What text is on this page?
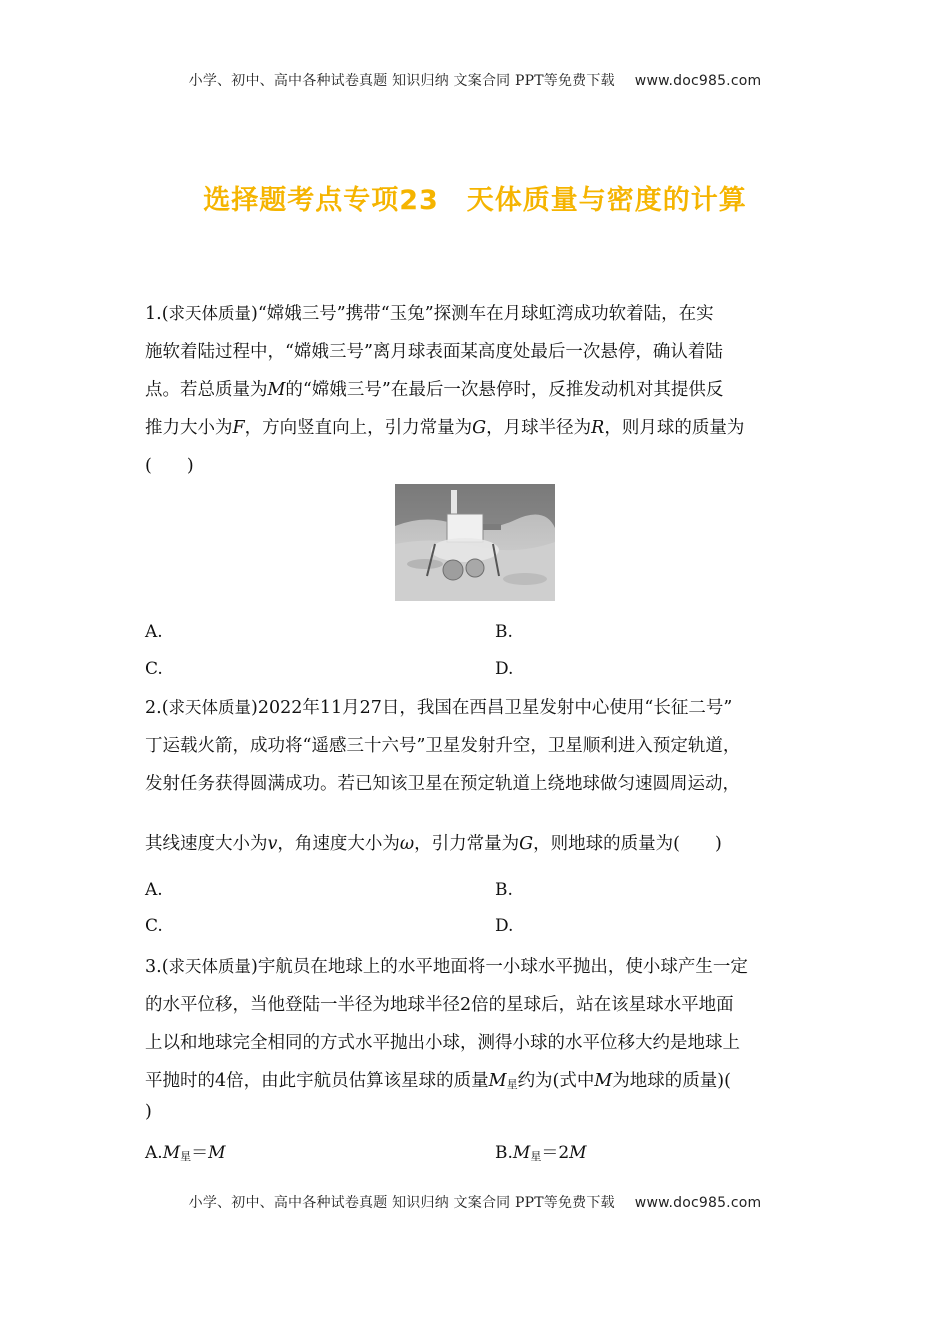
小学、初中、高中各种试卷真题 知识归纳 文案合同 PPT等免费下载 www.doc985.com
选择题考点专项23　天体质量与密度的计算
1.(求天体质量)“嫦娥三号”携带“玉兔”探测车在月球虹湾成功软着陆，在实
施软着陆过程中，“嫦娥三号”离月球表面某高度处最后一次悬停，确认着陆
点。若总质量为M的“嫦娥三号”在最后一次悬停时，反推发动机对其提供反
推力大小为F，方向竖直向上，引力常量为G，月球半径为R，则月球的质量为
(　　)
A.	B.
C.	D.
2.(求天体质量)2022年11月27日，我国在西昌卫星发射中心使用“长征二号”
丁运载火箭，成功将“遥感三十六号”卫星发射升空，卫星顺利进入预定轨道，
发射任务获得圆满成功。若已知该卫星在预定轨道上绕地球做匀速圆周运动，
其线速度大小为v，角速度大小为ω，引力常量为G，则地球的质量为(　　)
A.	B.
C.	D.
3.(求天体质量)宇航员在地球上的水平地面将一小球水平抛出，使小球产生一定
的水平位移，当他登陆一半径为地球半径2倍的星球后，站在该星球水平地面
上以和地球完全相同的方式水平抛出小球，测得小球的水平位移大约是地球上
平抛时的4倍，由此宇航员估算该星球的质量$M_星$约为(式中M为地球的质量)(
)
$A.M_星=M$	$B.M_星=2M$
小学、初中、高中各种试卷真题 知识归纳 文案合同 PPT等免费下载 www.doc985.com
